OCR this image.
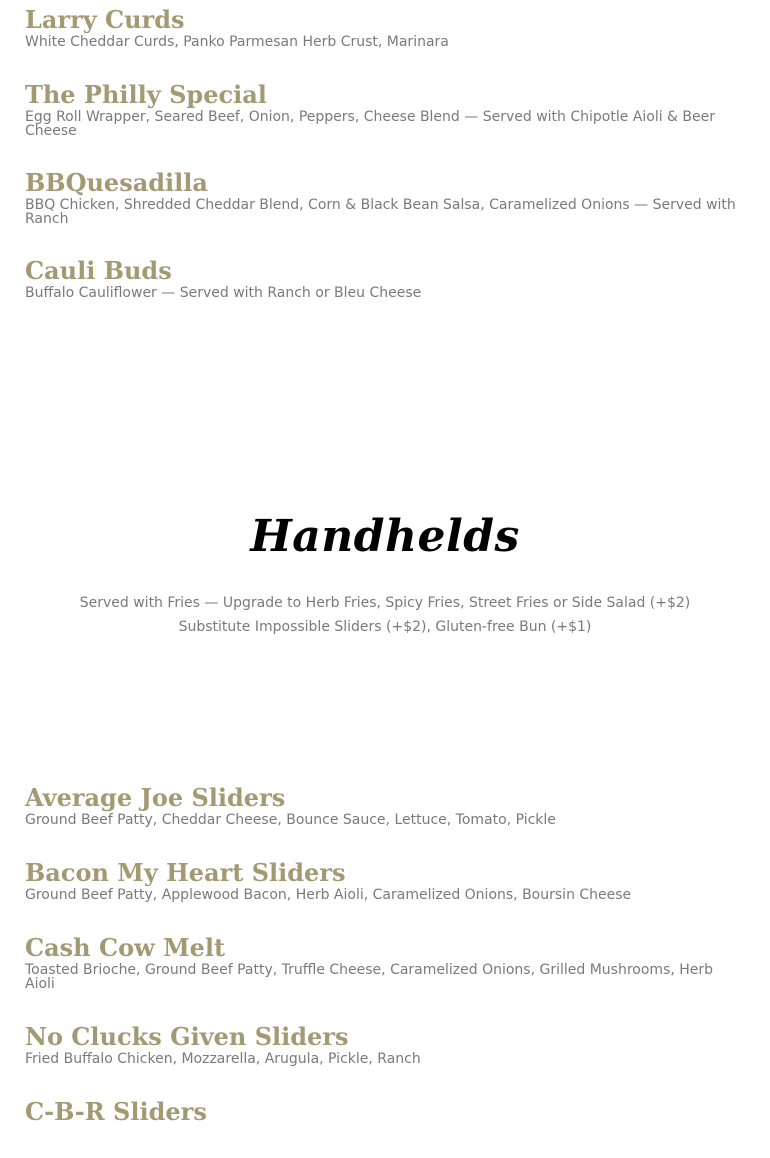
Larry Curds

White Cheddar Curds, Panko Parmesan Herb Crust, Marinara

The Philly Special

Egg Roll Wrapper, Seared Beef, Onion, Peppers, Cheese Blend — Served with Chipotle Aioli & Beer Cheese

BBQuesadilla

BBQ Chicken, Shredded Cheddar Blend, Corn & Black Bean Salsa, Caramelized Onions — Served with Ranch

Cauli Buds

Buffalo Cauliflower — Served with Ranch or Bleu Cheese

Handhelds

Served with Fries — Upgrade to Herb Fries, Spicy Fries, Street Fries or Side Salad (+$2)

Substitute Impossible Sliders (+$2), Gluten-free Bun (+$1)

Average Joe Sliders

Ground Beef Patty, Cheddar Cheese, Bounce Sauce, Lettuce, Tomato, Pickle

Bacon My Heart Sliders

Ground Beef Patty, Applewood Bacon, Herb Aioli, Caramelized Onions, Boursin Cheese

Cash Cow Melt

Toasted Brioche, Ground Beef Patty, Truffle Cheese, Caramelized Onions, Grilled Mushrooms, Herb Aioli

No Clucks Given Sliders

Fried Buffalo Chicken, Mozzarella, Arugula, Pickle, Ranch

C-B-R Sliders
